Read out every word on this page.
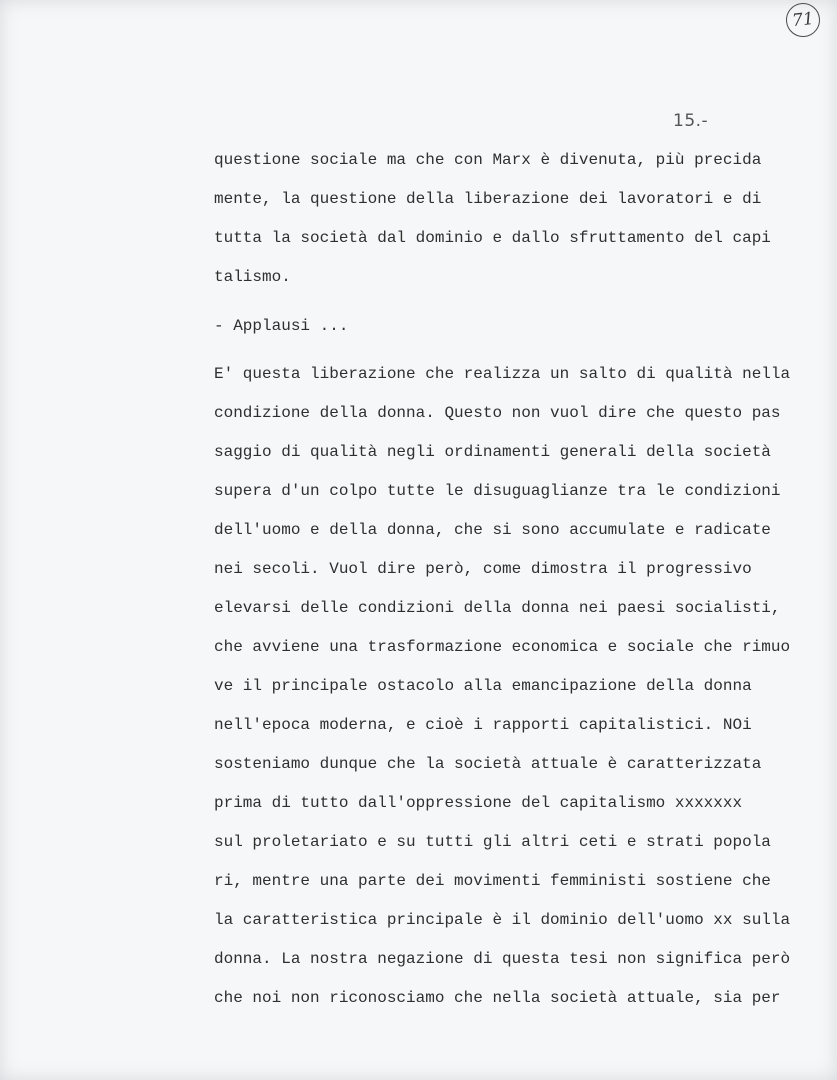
71
15.-

questione sociale ma che con Marx è divenuta, più precida

mente, la questione della liberazione dei lavoratori e di

tutta la società dal dominio e dallo sfruttamento del capi

talismo.

- Applausi ...

E' questa liberazione che realizza un salto di qualità nella

condizione della donna. Questo non vuol dire che questo pas

saggio di qualità negli ordinamenti generali della società

supera d'un colpo tutte le disuguaglianze tra le condizioni

dell'uomo e della donna, che si sono accumulate e radicate

nei secoli. Vuol dire però, come dimostra il progressivo

elevarsi delle condizioni della donna nei paesi socialisti,

che avviene una trasformazione economica e sociale che rimuo

ve il principale ostacolo alla emancipazione della donna

nell'epoca moderna, e cioè i rapporti capitalistici. NOi

sosteniamo dunque che la società attuale è caratterizzata

prima di tutto dall'oppressione del capitalismo xxxxxxx

sul proletariato e su tutti gli altri ceti e strati popola

ri, mentre una parte dei movimenti femministi sostiene che

la caratteristica principale è il dominio dell'uomo xx sulla

donna. La nostra negazione di questa tesi non significa però

che noi non riconosciamo che nella società attuale, sia per
